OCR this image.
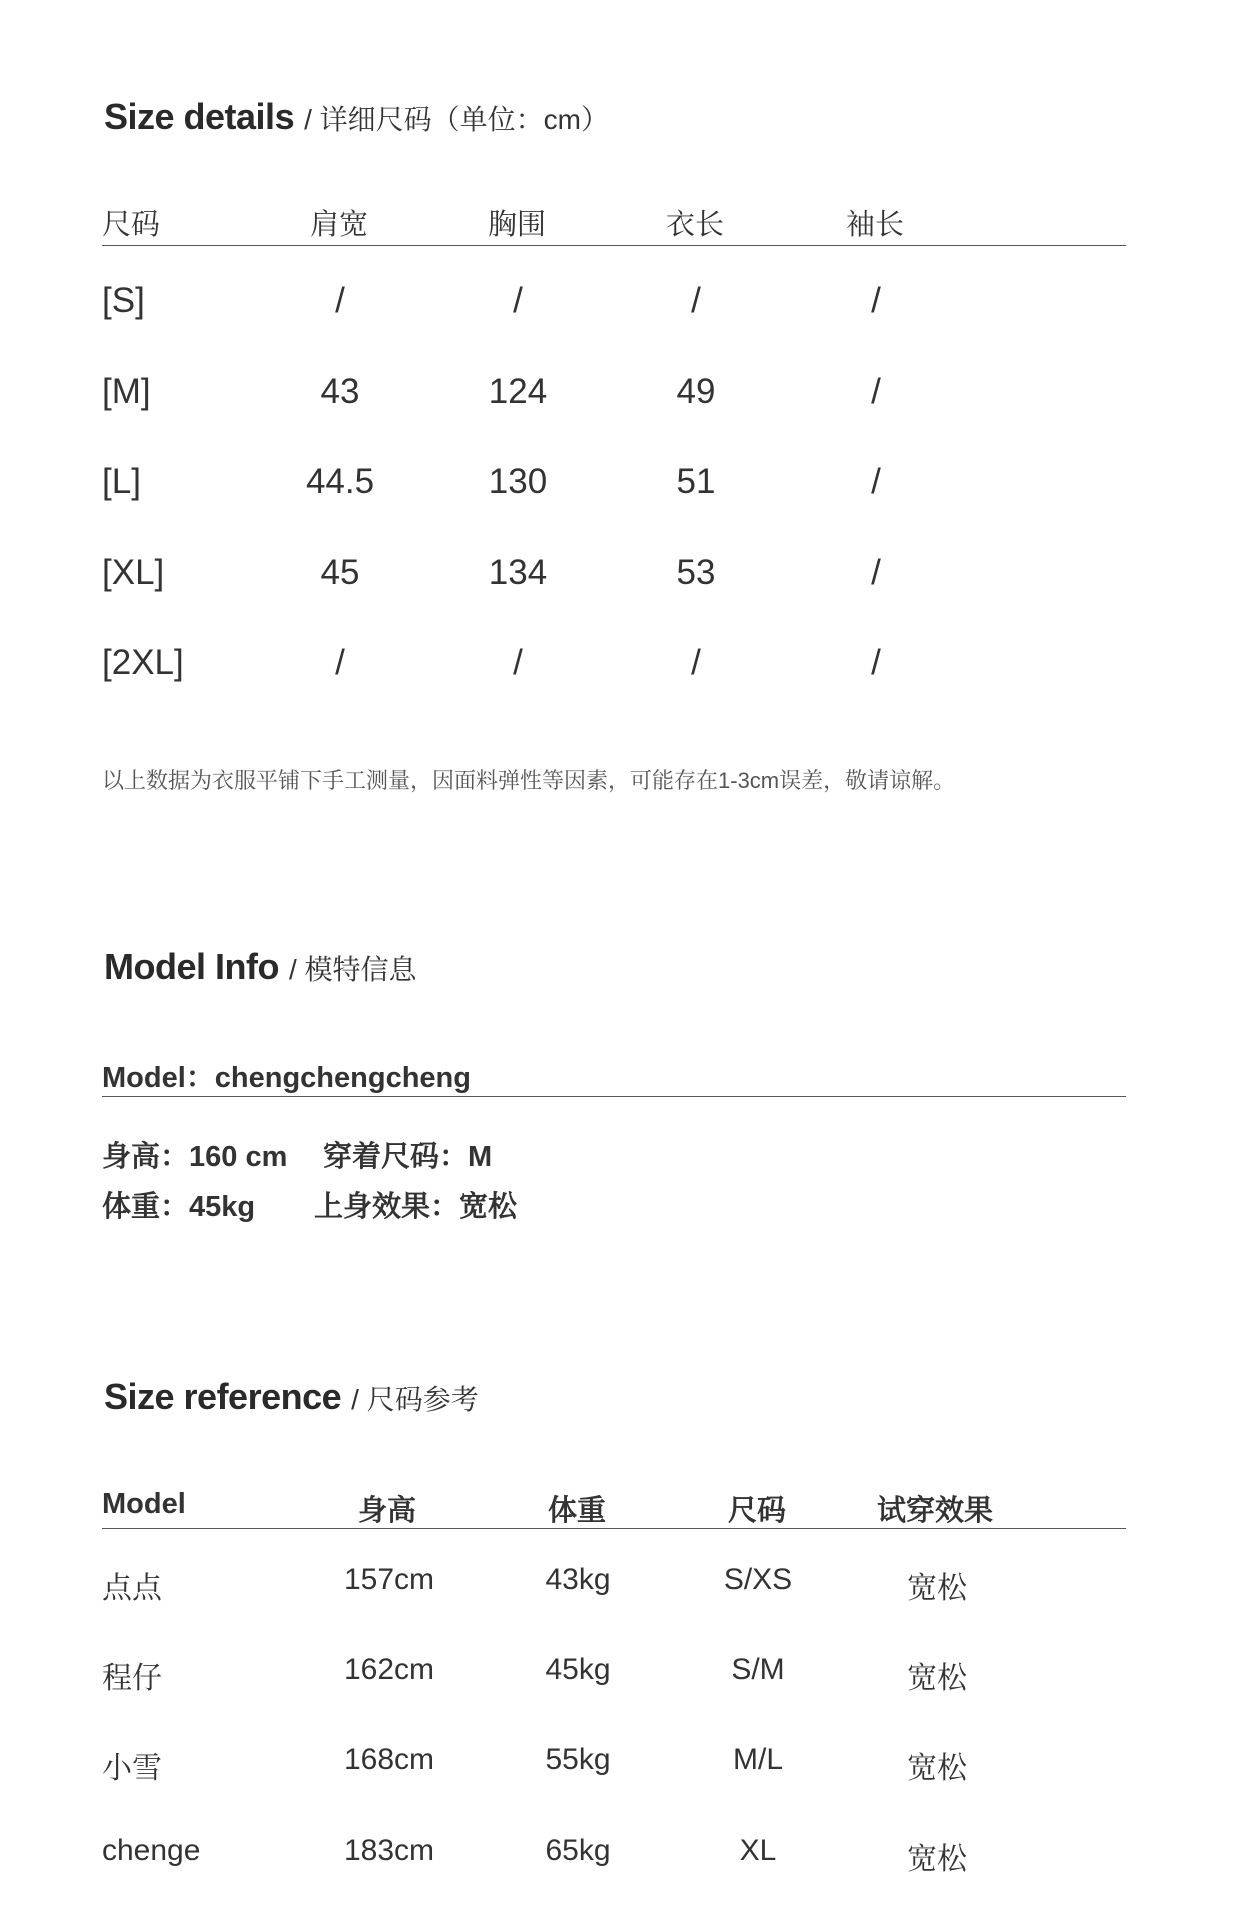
Size details / 详细尺码（单位：cm）
尺码	肩宽	胸围	衣长	袖长
[S]	/	/	/	/
[M]	43	124	49	/
[L]	44.5	130	51	/
[XL]	45	134	53	/
[2XL]	/	/	/	/
以上数据为衣服平铺下手工测量，因面料弹性等因素，可能存在1-3cm误差，敬请谅解。
Model Info / 模特信息
Model：chengchengcheng
身高：160 cm 穿着尺码：M
体重：45kg 上身效果：宽松
Size reference / 尺码参考
Model	身高	体重	尺码	试穿效果
点点	157cm	43kg	S/XS	宽松
程仔	162cm	45kg	S/M	宽松
小雪	168cm	55kg	M/L	宽松
chenge	183cm	65kg	XL	宽松
